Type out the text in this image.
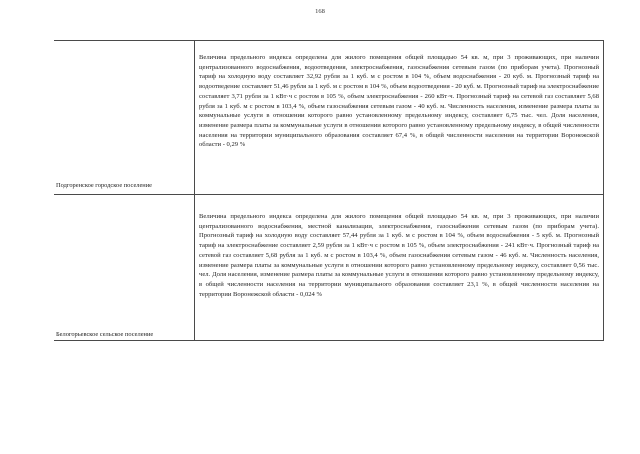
168
Величина предельного индекса определена для жилого помещения общей площадью 54 кв. м, при 3 проживающих, при наличии централизованного водоснабжения, водоотведения, электроснабжения, газоснабжения сетевым газом (по приборам учета). Прогнозный тариф на холодную воду составляет 32,92 рубля за 1 куб. м с ростом в 104 %, объем водоснабжения - 20 куб. м. Прогнозный тариф на водоотведение составляет 51,46 рубля за 1 куб. м с ростом в 104 %, объем водоотведения - 20 куб. м. Прогнозный тариф на электроснабжение составляет 3,71 рубля за 1 кВт·ч с ростом в 105 %, объем электроснабжения - 260 кВт·ч. Прогнозный тариф на сетевой газ составляет 5,68 рубля за 1 куб. м с ростом в 103,4 %, объем газоснабжения сетевым газом - 40 куб. м. Численность населения, изменение размера платы за коммунальные услуги в отношении которого равно установленному предельному индексу, составляет 6,75 тыс. чел. Доля населения, изменение размера платы за коммунальные услуги в отношении которого равно установленному предельному индексу, в общей численности населения на территории муниципального образования составляет 67,4 %, в общей численности населения на территории Воронежской области - 0,29 %
Подгоренское городское поселение
Величина предельного индекса определена для жилого помещения общей площадью 54 кв. м, при 3 проживающих, при наличии централизованного водоснабжения, местной канализации, электроснабжения, газоснабжения сетевым газом (по приборам учета). Прогнозный тариф на холодную воду составляет 57,44 рубля за 1 куб. м с ростом в 104 %, объем водоснабжения - 5 куб. м. Прогнозный тариф на электроснабжение составляет 2,59 рубля за 1 кВт·ч с ростом в 105 %, объем электроснабжения - 241 кВт·ч. Прогнозный тариф на сетевой газ составляет 5,68 рубля за 1 куб. м с ростом в 103,4 %, объем газоснабжения сетевым газом - 46 куб. м. Численность населения, изменение размера платы за коммунальные услуги в отношении которого равно установленному предельному индексу, составляет 0,56 тыс. чел. Доля населения, изменение размера платы за коммунальные услуги в отношении которого равно установленному предельному индексу, в общей численности населения на территории муниципального образования составляет 23,1 %, в общей численности населения на территории Воронежской области - 0,024 %
Белогорьевское сельское поселение
